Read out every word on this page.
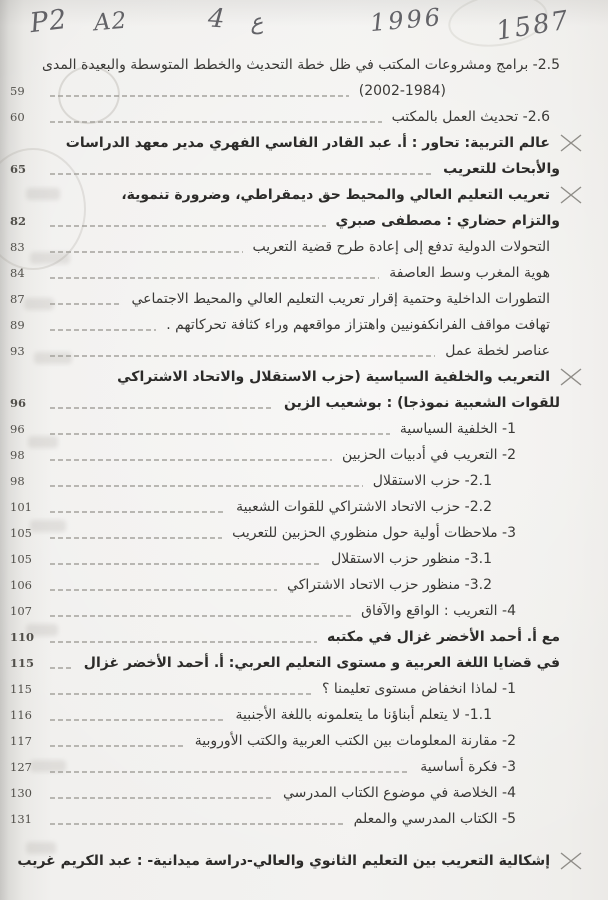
P2 A2	4 ع	1996 1587
2.5- برامج ومشروعات المكتب في ظل خطة التحديث والخطط المتوسطة والبعيدة المدى
(2002-1984)
59
2.6- تحديث العمل بالمكتب
60
عالم التربية: تحاور : أ. عبد القادر الفاسي الفهري مدير معهد الدراسات
والأبحاث للتعريب
65
تعريب التعليم العالي والمحيط حق ديمقراطي، وضرورة تنموية،
والتزام حضاري : مصطفى صبري
82
التحولات الدولية تدفع إلى إعادة طرح قضية التعريب
83
هوية المغرب وسط العاصفة
84
التطورات الداخلية وحتمية إقرار تعريب التعليم العالي والمحيط الاجتماعي
87
تهافت مواقف الفرانكفونيين واهتزاز مواقعهم وراء كثافة تحركاتهم .
89
عناصر لخطة عمل
93
التعريب والخلفية السياسية (حزب الاستقلال والاتحاد الاشتراكي
للقوات الشعبية نموذجا) : بوشعيب الزين
96
1- الخلفية السياسية
96
2- التعريب في أدبيات الحزبين
98
2.1- حزب الاستقلال
98
2.2- حزب الاتحاد الاشتراكي للقوات الشعبية
101
3- ملاحظات أولية حول منظوري الحزبين للتعريب
105
3.1- منظور حزب الاستقلال
105
3.2- منظور حزب الاتحاد الاشتراكي
106
4- التعريب : الواقع والآفاق
107
مع أ. أحمد الأخضر غزال في مكتبه
110
في قضايا اللغة العربية و مستوى التعليم العربي: أ. أحمد الأخضر غزال
115
1- لماذا انخفاض مستوى تعليمنا ؟
115
1.1- لا يتعلم أبناؤنا ما يتعلمونه باللغة الأجنبية
116
2- مقارنة المعلومات بين الكتب العربية والكتب الأوروبية
117
3- فكرة أساسية
127
4- الخلاصة في موضوع الكتاب المدرسي
130
5- الكتاب المدرسي والمعلم
131
إشكالية التعريب بين التعليم الثانوي والعالي-دراسة ميدانية- : عبد الكريم غريب
